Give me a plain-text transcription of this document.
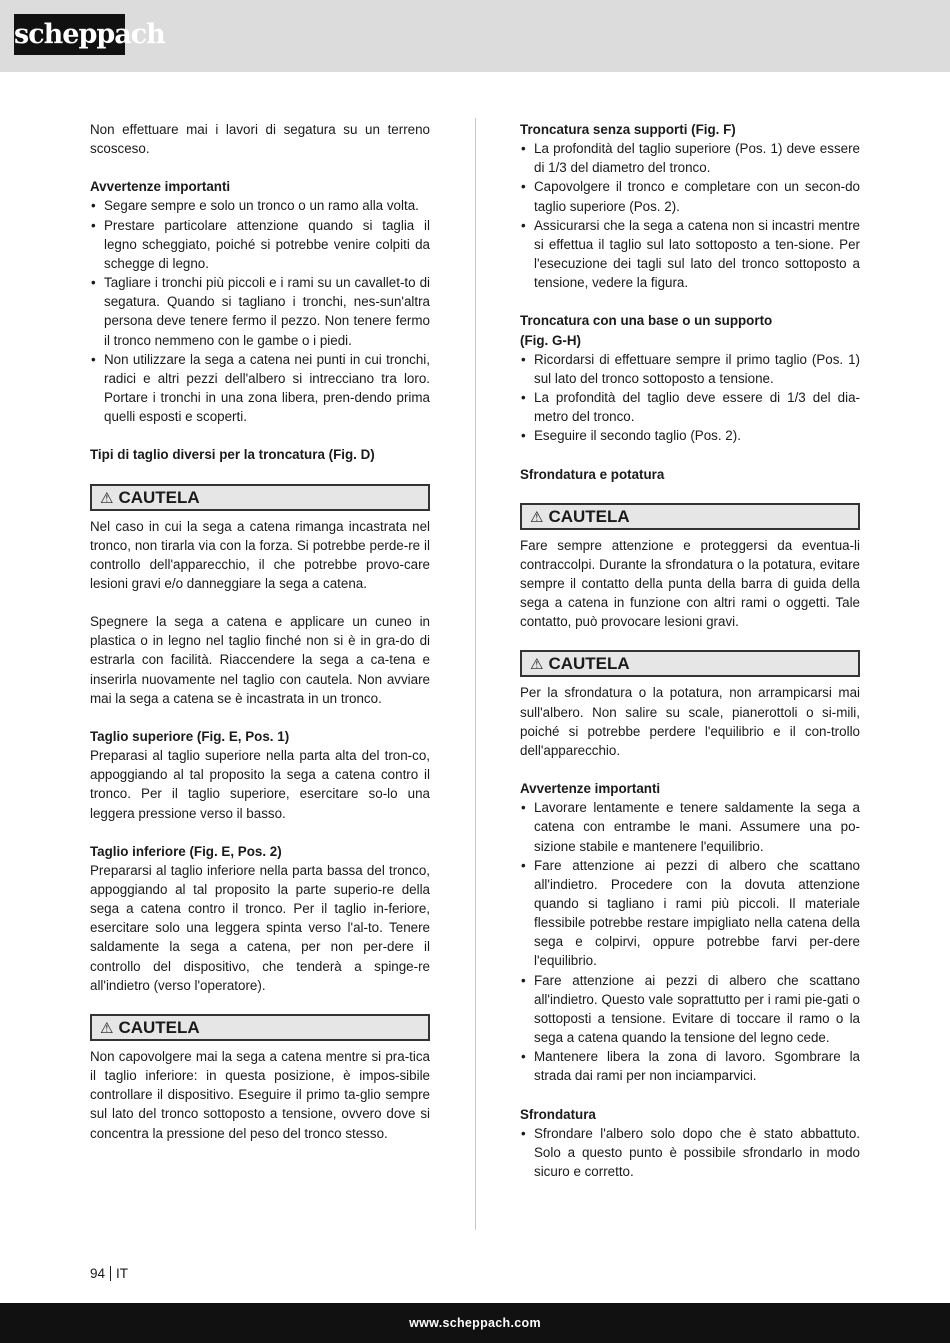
scheppach

Non effettuare mai i lavori di segatura su un terreno scosceso.

Avvertenze importanti

• Segare sempre e solo un tronco o un ramo alla volta.
• Prestare particolare attenzione quando si taglia il legno scheggiato, poiché si potrebbe venire colpiti da schegge di legno.
• Tagliare i tronchi più piccoli e i rami su un cavallet-to di segatura. Quando si tagliano i tronchi, nes-sun'altra persona deve tenere fermo il pezzo. Non tenere fermo il tronco nemmeno con le gambe o i piedi.
• Non utilizzare la sega a catena nei punti in cui tronchi, radici e altri pezzi dell'albero si intrecciano tra loro. Portare i tronchi in una zona libera, pren-dendo prima quelli esposti e scoperti.

Tipi di taglio diversi per la troncatura (Fig. D)

⚠ CAUTELA

Nel caso in cui la sega a catena rimanga incastrata nel tronco, non tirarla via con la forza. Si potrebbe perde-re il controllo dell'apparecchio, il che potrebbe provo-care lesioni gravi e/o danneggiare la sega a catena.

Spegnere la sega a catena e applicare un cuneo in plastica o in legno nel taglio finché non si è in gra-do di estrarla con facilità. Riaccendere la sega a ca-tena e inserirla nuovamente nel taglio con cautela. Non avviare mai la sega a catena se è incastrata in un tronco.

Taglio superiore (Fig. E, Pos. 1)

Preparasi al taglio superiore nella parta alta del tron-co, appoggiando al tal proposito la sega a catena contro il tronco. Per il taglio superiore, esercitare so-lo una leggera pressione verso il basso.

Taglio inferiore (Fig. E, Pos. 2)

Prepararsi al taglio inferiore nella parta bassa del tronco, appoggiando al tal proposito la parte superio-re della sega a catena contro il tronco. Per il taglio in-feriore, esercitare solo una leggera spinta verso l'al-to. Tenere saldamente la sega a catena, per non per-dere il controllo del dispositivo, che tenderà a spinge-re all'indietro (verso l'operatore).

⚠ CAUTELA

Non capovolgere mai la sega a catena mentre si pra-tica il taglio inferiore: in questa posizione, è impos-sibile controllare il dispositivo. Eseguire il primo ta-glio sempre sul lato del tronco sottoposto a tensione, ovvero dove si concentra la pressione del peso del tronco stesso.

Troncatura senza supporti (Fig. F)

• La profondità del taglio superiore (Pos. 1) deve essere di 1/3 del diametro del tronco.
• Capovolgere il tronco e completare con un secon-do taglio superiore (Pos. 2).
• Assicurarsi che la sega a catena non si incastri mentre si effettua il taglio sul lato sottoposto a ten-sione. Per l'esecuzione dei tagli sul lato del tronco sottoposto a tensione, vedere la figura.

Troncatura con una base o un supporto

(Fig. G-H)

• Ricordarsi di effettuare sempre il primo taglio (Pos. 1) sul lato del tronco sottoposto a tensione.
• La profondità del taglio deve essere di 1/3 del dia-metro del tronco.
• Eseguire il secondo taglio (Pos. 2).

Sfrondatura e potatura

⚠ CAUTELA

Fare sempre attenzione e proteggersi da eventua-li contraccolpi. Durante la sfrondatura o la potatura, evitare sempre il contatto della punta della barra di guida della sega a catena in funzione con altri rami o oggetti. Tale contatto, può provocare lesioni gravi.

⚠ CAUTELA

Per la sfrondatura o la potatura, non arrampicarsi mai sull'albero. Non salire su scale, pianerottoli o si-mili, poiché si potrebbe perdere l'equilibrio e il con-trollo dell'apparecchio.

Avvertenze importanti

• Lavorare lentamente e tenere saldamente la sega a catena con entrambe le mani. Assumere una po-sizione stabile e mantenere l'equilibrio.
• Fare attenzione ai pezzi di albero che scattano all'indietro. Procedere con la dovuta attenzione quando si tagliano i rami più piccoli. Il materiale flessibile potrebbe restare impigliato nella catena della sega e colpirvi, oppure potrebbe farvi per-dere l'equilibrio.
• Fare attenzione ai pezzi di albero che scattano all'indietro. Questo vale soprattutto per i rami pie-gati o sottoposti a tensione. Evitare di toccare il ramo o la sega a catena quando la tensione del legno cede.
• Mantenere libera la zona di lavoro. Sgombrare la strada dai rami per non inciamparvici.

Sfrondatura

• Sfrondare l'albero solo dopo che è stato abbattuto. Solo a questo punto è possibile sfrondarlo in modo sicuro e corretto.
94 IT
www.scheppach.com
